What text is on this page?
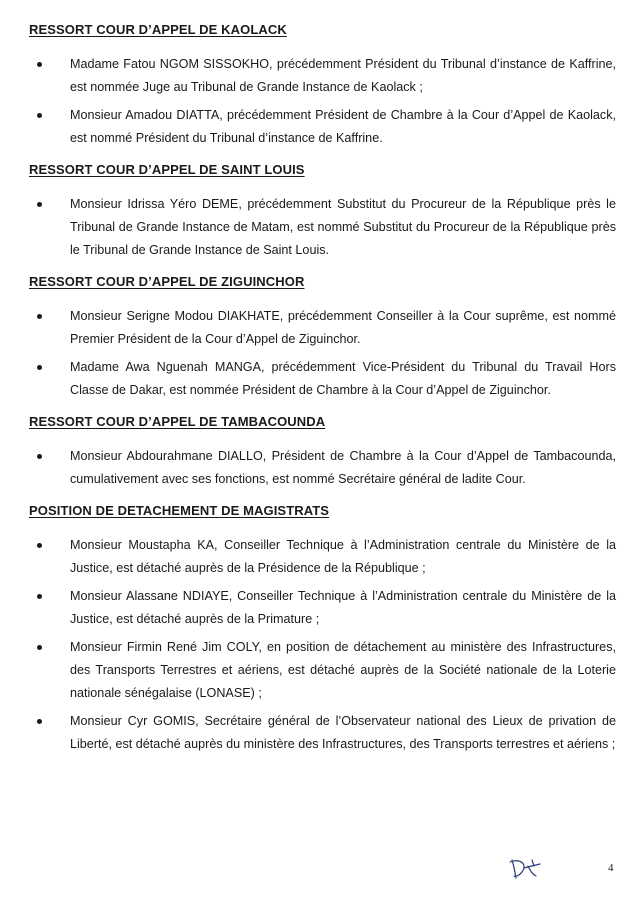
RESSORT COUR D’APPEL DE KAOLACK
Madame Fatou NGOM SISSOKHO, précédemment Président du Tribunal d’instance de Kaffrine, est nommée Juge au Tribunal de Grande Instance de Kaolack ;
Monsieur Amadou DIATTA, précédemment Président de Chambre à la Cour d’Appel de Kaolack, est nommé Président du Tribunal d’instance de Kaffrine.
RESSORT COUR D’APPEL DE SAINT LOUIS
Monsieur Idrissa Yéro DEME, précédemment Substitut du Procureur de la République près le Tribunal de Grande Instance de Matam, est nommé Substitut du Procureur de la République près le Tribunal de Grande Instance de Saint Louis.
RESSORT COUR D’APPEL DE ZIGUINCHOR
Monsieur Serigne Modou DIAKHATE, précédemment Conseiller à la Cour suprême, est nommé Premier Président de la Cour d’Appel de Ziguinchor.
Madame Awa Nguenah MANGA, précédemment Vice-Président du Tribunal du Travail Hors Classe de Dakar, est nommée Président de Chambre à la Cour d’Appel de Ziguinchor.
RESSORT COUR D’APPEL DE TAMBACOUNDA
Monsieur Abdourahmane DIALLO, Président de Chambre à la Cour d’Appel de Tambacounda, cumulativement avec ses fonctions, est nommé Secrétaire général de ladite Cour.
POSITION DE DETACHEMENT DE MAGISTRATS
Monsieur Moustapha KA, Conseiller Technique à l’Administration centrale du Ministère de la Justice, est détaché auprès de la Présidence de la République ;
Monsieur Alassane NDIAYE, Conseiller Technique à l’Administration centrale du Ministère de la Justice, est détaché auprès de la Primature ;
Monsieur Firmin René Jim COLY, en position de détachement au ministère des Infrastructures, des Transports Terrestres et aériens, est détaché auprès de la Société nationale de la Loterie nationale sénégalaise (LONASE) ;
Monsieur Cyr GOMIS, Secrétaire général de l’Observateur national des Lieux de privation de Liberté, est détaché auprès du ministère des Infrastructures, des Transports terrestres et aériens ;
4
